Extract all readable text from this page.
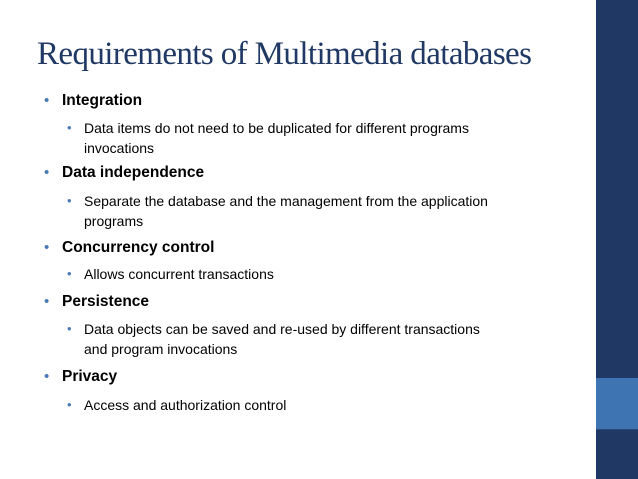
Requirements of Multimedia databases
• Integration
• Data items do not need to be duplicated for different programs
invocations
• Data independence
• Separate the database and the management from the application
programs
• Concurrency control
• Allows concurrent transactions
• Persistence
• Data objects can be saved and re-used by different transactions
and program invocations
• Privacy
• Access and authorization control
